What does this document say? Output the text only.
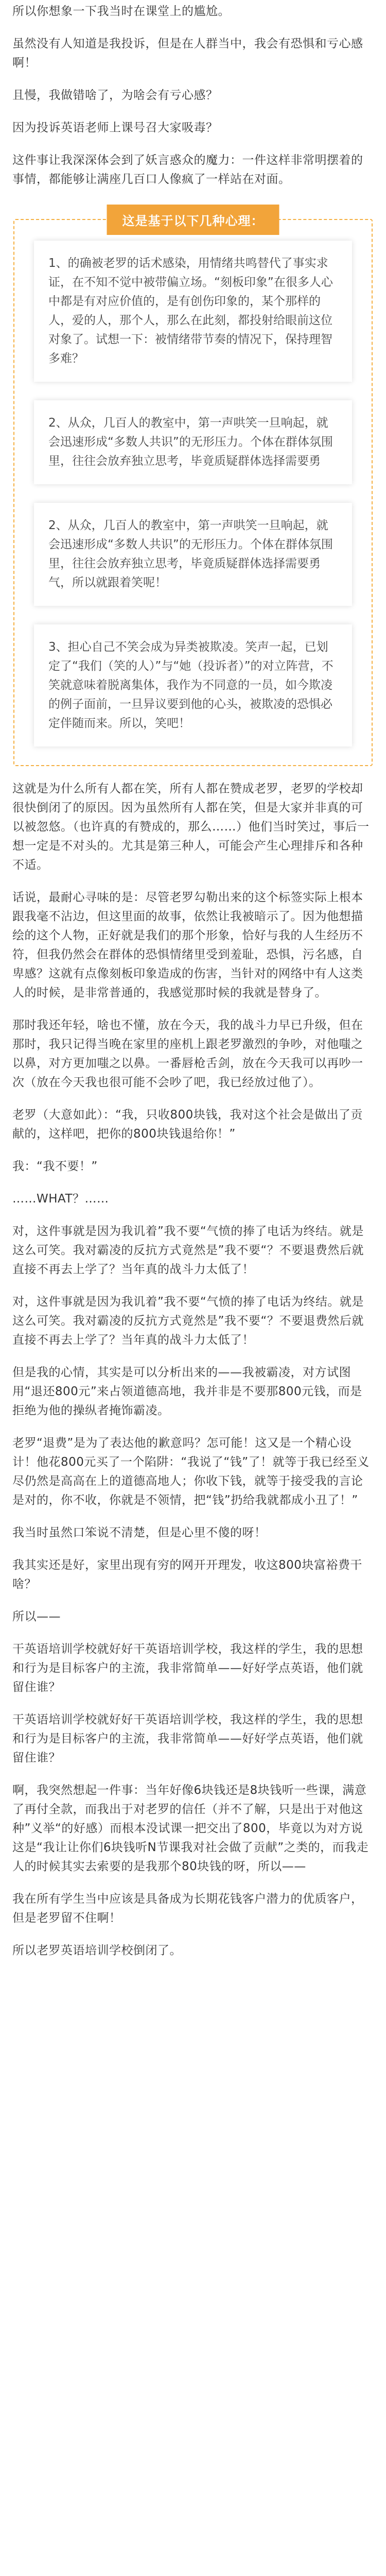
所以你想象一下我当时在课堂上的尴尬。

虽然没有人知道是我投诉，但是在人群当中，我会有恐惧和亏心感啊！

且慢，我做错啥了，为啥会有亏心感？

因为投诉英语老师上课号召大家吸毒？

这件事让我深深体会到了妖言惑众的魔力：一件这样非常明摆着的事情，都能够让满座几百口人像疯了一样站在对面。

这是基于以下几种心理：
1、的确被老罗的话术感染，用情绪共鸣替代了事实求证，在不知不觉中被带偏立场。“刻板印象”在很多人心中都是有对应价值的，是有创伤印象的，某个那样的人，爱的人，那个人，那么在此刻，都投射给眼前这位对象了。试想一下：被情绪带节奏的情况下，保持理智多难？
2、从众，几百人的教室中，第一声哄笑一旦响起，就会迅速形成“多数人共识”的无形压力。个体在群体氛围里，往往会放弃独立思考，毕竟质疑群体选择需要勇
2、从众，几百人的教室中，第一声哄笑一旦响起，就会迅速形成“多数人共识”的无形压力。个体在群体氛围里，往往会放弃独立思考，毕竟质疑群体选择需要勇气，所以就跟着笑呢！
3、担心自己不笑会成为异类被欺凌。笑声一起，已划定了“我们（笑的人）”与“她（投诉者）”的对立阵营，不笑就意味着脱离集体，我作为不同意的一员，如今欺凌的例子面前，一旦异议要到他的心头，被欺凌的恐惧必定伴随而来。所以，笑吧！

这就是为什么所有人都在笑，所有人都在赞成老罗，老罗的学校却很快倒闭了的原因。因为虽然所有人都在笑，但是大家并非真的可以被忽悠。（也许真的有赞成的，那么……）他们当时笑过，事后一想一定是不对头的。尤其是第三种人，可能会产生心理排斥和各种不适。

话说，最耐心寻味的是：尽管老罗勾勒出来的这个标签实际上根本跟我毫不沾边，但这里面的故事，依然让我被暗示了。因为他想描绘的这个人物，正好就是我们的那个形象，恰好与我的人生经历不符，但我仍然会在群体的恐惧情绪里受到羞耻，恐惧，污名感，自卑感？这就有点像刻板印象造成的伤害，当针对的网络中有人这类人的时候，是非常普通的，我感觉那时候的我就是替身了。

那时我还年轻，啥也不懂，放在今天，我的战斗力早已升级，但在那时，我只记得当晚在家里的座机上跟老罗激烈的争吵，对他嗤之以鼻，对方更加嗤之以鼻。一番唇枪舌剑，放在今天我可以再吵一次（放在今天我也很可能不会吵了吧，我已经放过他了）。

老罗（大意如此）：“我，只收800块钱，我对这个社会是做出了贡献的，这样吧，把你的800块钱退给你！”

我：“我不要！”

……WHAT？……

对，这件事就是因为我讥着”我不要“气愤的捧了电话为终结。就是这么可笑。我对霸凌的反抗方式竟然是”我不要“？不要退费然后就直接不再去上学了？当年真的战斗力太低了！

对，这件事就是因为我讥着”我不要“气愤的捧了电话为终结。就是这么可笑。我对霸凌的反抗方式竟然是”我不要“？不要退费然后就直接不再去上学了？当年真的战斗力太低了！

但是我的心情，其实是可以分析出来的——我被霸凌，对方试图用“退还800元”来占领道德高地，我并非是不要那800元钱，而是拒绝为他的操纵者掩饰霸凌。

老罗“退费”是为了表达他的歉意吗？怎可能！这又是一个精心设计！他花800元买了一个陷阱：“我说了“钱”了！就等于我已经至义尽仍然是高高在上的道德高地人；你收下钱，就等于接受我的言论是对的，你不收，你就是不领情，把“钱”扔给我就都成小丑了！”

我当时虽然口笨说不清楚，但是心里不傻的呀！

我其实还是好，家里出现有穷的网开开理发，收这800块富裕费干啥？

所以——

干英语培训学校就好好干英语培训学校，我这样的学生，我的思想和行为是目标客户的主流，我非常简单——好好学点英语，他们就留住谁？

干英语培训学校就好好干英语培训学校，我这样的学生，我的思想和行为是目标客户的主流，我非常简单——好好学点英语，他们就留住谁？

啊，我突然想起一件事：当年好像6块钱还是8块钱听一些课，满意了再付全款，而我出于对老罗的信任（并不了解，只是出于对他这种”义举“的好感）而根本没试课一把交出了800，毕竟以为对方说这是“我让让你们6块钱听N节课我对社会做了贡献”之类的，而我走人的时候其实去索要的是我那个80块钱的呀，所以——

我在所有学生当中应该是具备成为长期花钱客户潜力的优质客户，但是老罗留不住啊！

所以老罗英语培训学校倒闭了。
